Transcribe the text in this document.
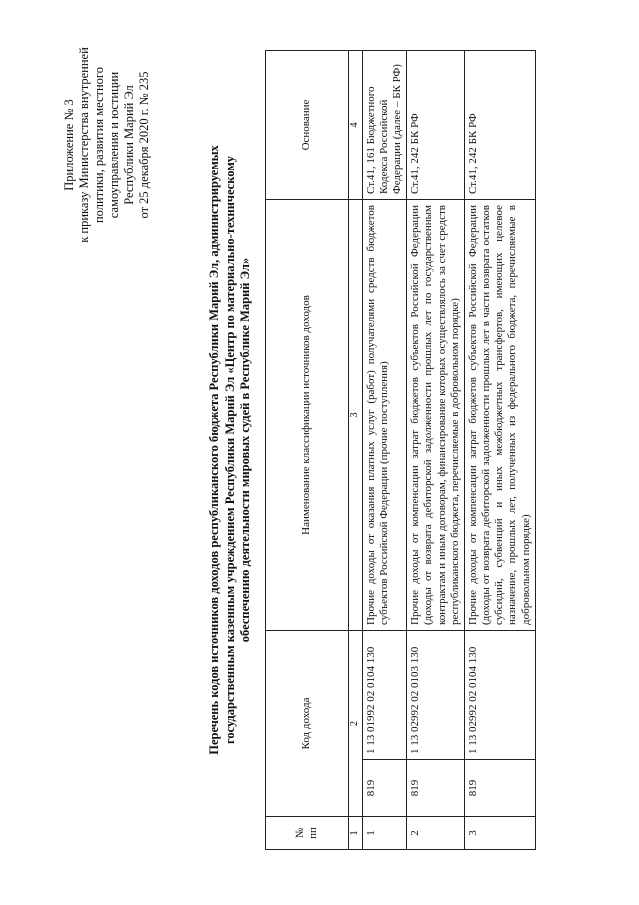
Приложение № 3 к приказу Министерства внутренней политики, развития местного самоуправления и юстиции Республики Марий Эл от 25 декабря 2020 г. № 235
Перечень кодов источников доходов республиканского бюджета Республики Марий Эл, администрируемых государственным казенным учреждением Республики Марий Эл «Центр по материально-техническому обеспечению деятельности мировых судей в Республике Марий Эл»
№ пп	Код дохода		Наименование классификации источников доходов	Основание
1	2		3	4
1	819	1 13 01992 02 0104 130	Прочие доходы от оказания платных услуг (работ) получателями средств бюджетов субъектов Российской Федерации (прочие поступления)	Ст.41, 161 Бюджетного Кодекса Российской Федерации (далее – БК РФ)
2	819	1 13 02992 02 0103 130	Прочие доходы от компенсации затрат бюджетов субъектов Российской Федерации (доходы от возврата дебиторской задолженности прошлых лет по государственным контрактам и иным договорам, финансирование которых осуществлялось за счет средств республиканского бюджета, перечисляемые в добровольном порядке)	Ст.41, 242 БК РФ
3	819	1 13 02992 02 0104 130	Прочие доходы от компенсации затрат бюджетов субъектов Российской Федерации (доходы от возврата дебиторской задолженности прошлых лет в части возврата остатков субсидий, субвенций и иных межбюджетных трансфертов, имеющих целевое назначение, прошлых лет, полученных из федерального бюджета, перечисляемые в добровольном порядке)	Ст.41, 242 БК РФ
